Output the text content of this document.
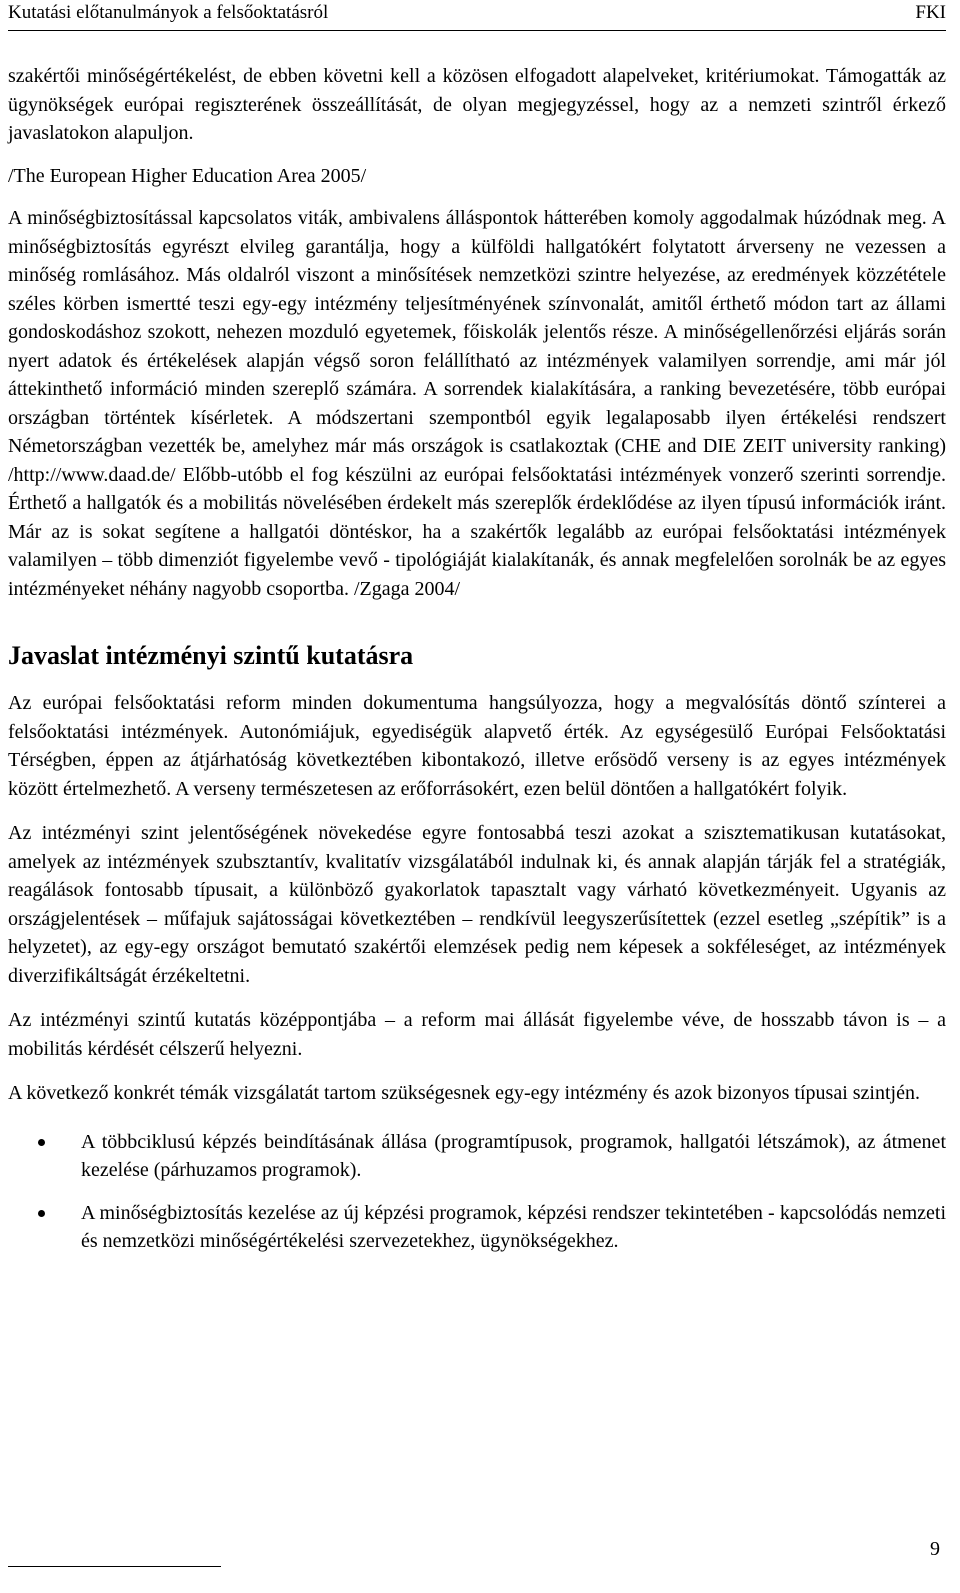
Kutatási előtanulmányok a felsőoktatásról	FKI

szakértői minőségértékelést, de ebben követni kell a közösen elfogadott alapelveket, kritériumokat. Támogatták az ügynökségek európai regiszterének összeállítását, de olyan megjegyzéssel, hogy az a nemzeti szintről érkező javaslatokon alapuljon.

/The European Higher Education Area 2005/

A minőségbiztosítással kapcsolatos viták, ambivalens álláspontok hátterében komoly aggodalmak húzódnak meg. A minőségbiztosítás egyrészt elvileg garantálja, hogy a külföldi hallgatókért folytatott árverseny ne vezessen a minőség romlásához. Más oldalról viszont a minősítések nemzetközi szintre helyezése, az eredmények közzététele széles körben ismertté teszi egy-egy intézmény teljesítményének színvonalát, amitől érthető módon tart az állami gondoskodáshoz szokott, nehezen mozduló egyetemek, főiskolák jelentős része. A minőségellenőrzési eljárás során nyert adatok és értékelések alapján végső soron felállítható az intézmények valamilyen sorrendje, ami már jól áttekinthető információ minden szereplő számára. A sorrendek kialakítására, a ranking bevezetésére, több európai országban történtek kísérletek. A módszertani szempontból egyik legalaposabb ilyen értékelési rendszert Németországban vezették be, amelyhez már más országok is csatlakoztak (CHE and DIE ZEIT university ranking) /http://www.daad.de/ Előbb-utóbb el fog készülni az európai felsőoktatási intézmények vonzerő szerinti sorrendje. Érthető a hallgatók és a mobilitás növelésében érdekelt más szereplők érdeklődése az ilyen típusú információk iránt. Már az is sokat segítene a hallgatói döntéskor, ha a szakértők legalább az európai felsőoktatási intézmények valamilyen – több dimenziót figyelembe vevő - tipológiáját kialakítanák, és annak megfelelően sorolnák be az egyes intézményeket néhány nagyobb csoportba. /Zgaga 2004/

Javaslat intézményi szintű kutatásra

Az európai felsőoktatási reform minden dokumentuma hangsúlyozza, hogy a megvalósítás döntő színterei a felsőoktatási intézmények. Autonómiájuk, egyediségük alapvető érték. Az egységesülő Európai Felsőoktatási Térségben, éppen az átjárhatóság következtében kibontakozó, illetve erősödő verseny is az egyes intézmények között értelmezhető. A verseny természetesen az erőforrásokért, ezen belül döntően a hallgatókért folyik.

Az intézményi szint jelentőségének növekedése egyre fontosabbá teszi azokat a szisztematikusan kutatásokat, amelyek az intézmények szubsztantív, kvalitatív vizsgálatából indulnak ki, és annak alapján tárják fel a stratégiák, reagálások fontosabb típusait, a különböző gyakorlatok tapasztalt vagy várható következményeit. Ugyanis az országjelentések – műfajuk sajátosságai következtében – rendkívül leegyszerűsítettek (ezzel esetleg „szépítik” is a helyzetet), az egy-egy országot bemutató szakértői elemzések pedig nem képesek a sokféleséget, az intézmények diverzifikáltságát érzékeltetni.

Az intézményi szintű kutatás középpontjába – a reform mai állását figyelembe véve, de hosszabb távon is – a mobilitás kérdését célszerű helyezni.

A következő konkrét témák vizsgálatát tartom szükségesnek egy-egy intézmény és azok bizonyos típusai szintjén.

A többciklusú képzés beindításának állása (programtípusok, programok, hallgatói létszámok), az átmenet kezelése (párhuzamos programok).
A minőségbiztosítás kezelése az új képzési programok, képzési rendszer tekintetében - kapcsolódás nemzeti és nemzetközi minőségértékelési szervezetekhez, ügynökségekhez.
9
